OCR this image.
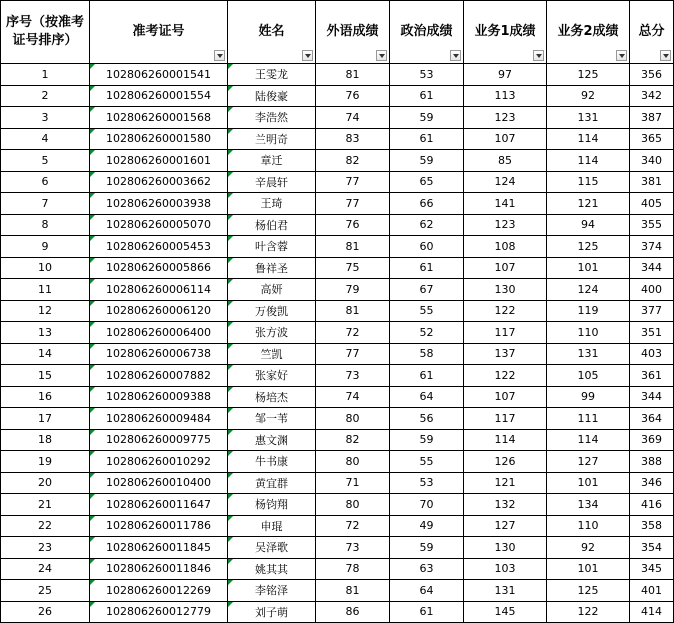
序号（按准考证号排序）	准考证号	姓名	外语成绩	政治成绩	业务1成绩	业务2成绩	总分

1	102806260001541	王雯龙	81	53	97	125	356
2	102806260001554	陆俊豪	76	61	113	92	342
3	102806260001568	李浩然	74	59	123	131	387
4	102806260001580	兰明奇	83	61	107	114	365
5	102806260001601	章迁	82	59	85	114	340
6	102806260003662	辛晨轩	77	65	124	115	381
7	102806260003938	王琦	77	66	141	121	405
8	102806260005070	杨伯君	76	62	123	94	355
9	102806260005453	叶含蓉	81	60	108	125	374
10	102806260005866	鲁祥圣	75	61	107	101	344
11	102806260006114	高妍	79	67	130	124	400
12	102806260006120	万俊凯	81	55	122	119	377
13	102806260006400	张方波	72	52	117	110	351
14	102806260006738	竺凯	77	58	137	131	403
15	102806260007882	张家好	73	61	122	105	361
16	102806260009388	杨培杰	74	64	107	99	344
17	102806260009484	邹一苇	80	56	117	111	364
18	102806260009775	惠文渊	82	59	114	114	369
19	102806260010292	牛书康	80	55	126	127	388
20	102806260010400	黄宜群	71	53	121	101	346
21	102806260011647	杨钧翔	80	70	132	134	416
22	102806260011786	申琨	72	49	127	110	358
23	102806260011845	吴泽歌	73	59	130	92	354
24	102806260011846	姚其其	78	63	103	101	345
25	102806260012269	李铭泽	81	64	131	125	401
26	102806260012779	刘子萌	86	61	145	122	414
